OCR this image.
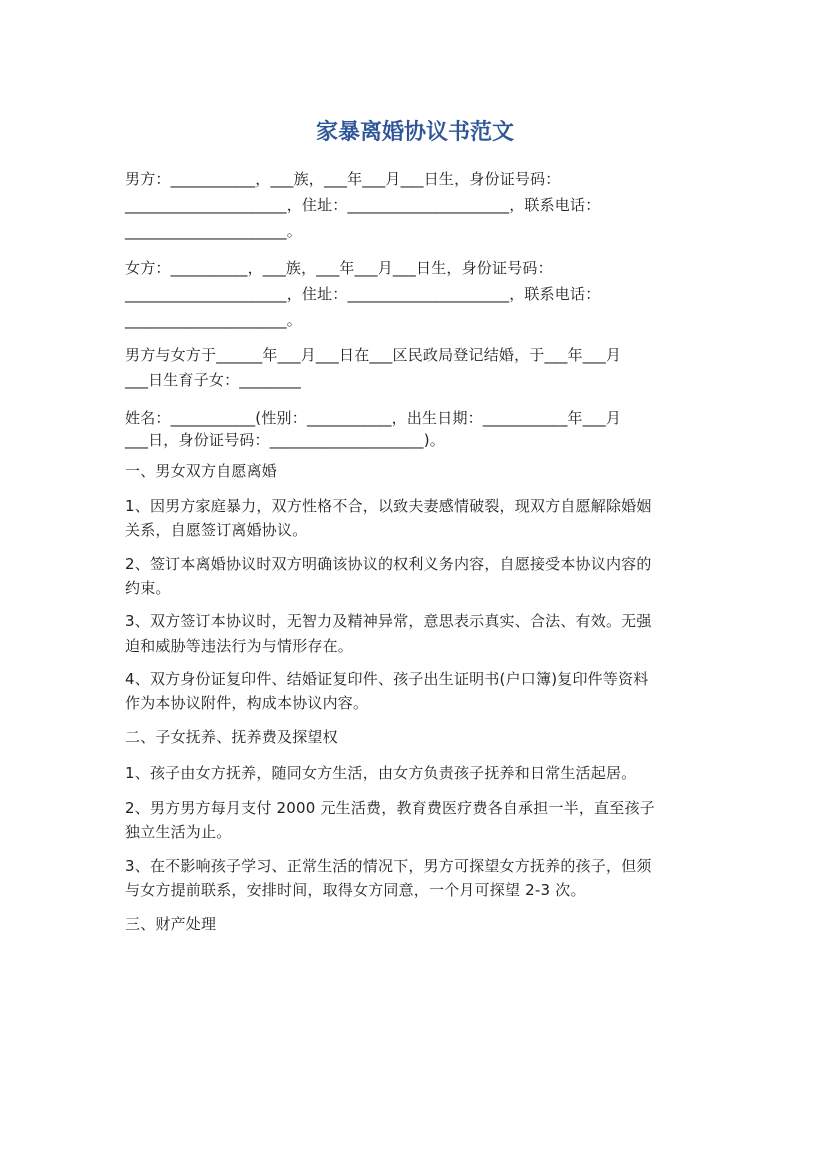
家暴离婚协议书范文
男方：___________，___族，___年___月___日生，身份证号码：
_____________________，住址：_____________________，联系电话：
_____________________。
女方：__________，___族，___年___月___日生，身份证号码：
_____________________，住址：_____________________，联系电话：
_____________________。
男方与女方于______年___月___日在___区民政局登记结婚，于___年___月
___日生育子女：________
姓名：___________(性别：___________，出生日期：___________年___月
___日，身份证号码：____________________)。
一、男女双方自愿离婚
1、因男方家庭暴力，双方性格不合，以致夫妻感情破裂，现双方自愿解除婚姻
关系，自愿签订离婚协议。
2、签订本离婚协议时双方明确该协议的权利义务内容，自愿接受本协议内容的
约束。
3、双方签订本协议时，无智力及精神异常，意思表示真实、合法、有效。无强
迫和威胁等违法行为与情形存在。
4、双方身份证复印件、结婚证复印件、孩子出生证明书(户口簿)复印件等资料
作为本协议附件，构成本协议内容。
二、子女抚养、抚养费及探望权
1、孩子由女方抚养，随同女方生活，由女方负责孩子抚养和日常生活起居。
2、男方男方每月支付 2000 元生活费，教育费医疗费各自承担一半，直至孩子
独立生活为止。
3、在不影响孩子学习、正常生活的情况下，男方可探望女方抚养的孩子，但须
与女方提前联系，安排时间，取得女方同意，一个月可探望 2-3 次。
三、财产处理
